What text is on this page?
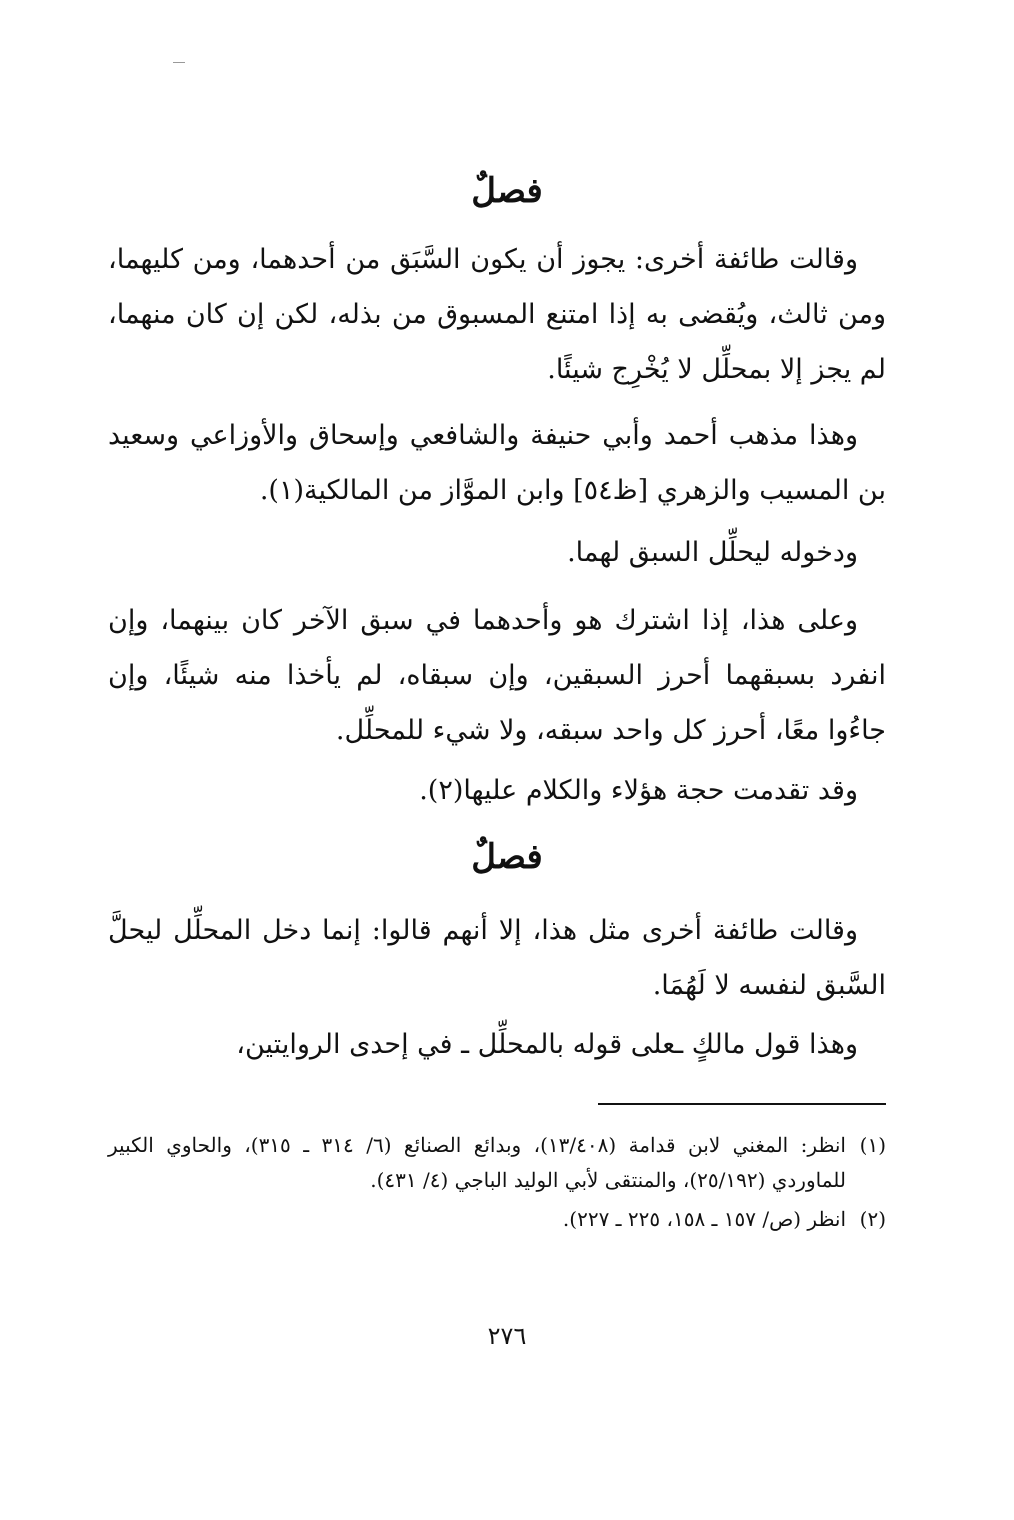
فصلٌ

وقالت طائفة أخرى: يجوز أن يكون السَّبَق من أحدهما، ومن كليهما، ومن ثالث، ويُقضى به إذا امتنع المسبوق من بذله، لكن إن كان منهما، لم يجز إلا بمحلِّل لا يُخْرِج شيئًا.

وهذا مذهب أحمد وأبي حنيفة والشافعي وإسحاق والأوزاعي وسعيد بن المسيب والزهري [ظ٥٤] وابن الموَّاز من المالكية(١).

ودخوله ليحلِّل السبق لهما.

وعلى هذا، إذا اشترك هو وأحدهما في سبق الآخر كان بينهما، وإن انفرد بسبقهما أحرز السبقين، وإن سبقاه، لم يأخذا منه شيئًا، وإن جاءُوا معًا، أحرز كل واحد سبقه، ولا شيء للمحلِّل.

وقد تقدمت حجة هؤلاء والكلام عليها(٢).

فصلٌ

وقالت طائفة أخرى مثل هذا، إلا أنهم قالوا: إنما دخل المحلِّل ليحلَّ السَّبق لنفسه لا لَهُمَا.

وهذا قول مالكٍ ـعلى قوله بالمحلِّل ـ في إحدى الروايتين،

(١)
انظر: المغني لابن قدامة (١٣/٤٠٨)، وبدائع الصنائع (٦/ ٣١٤ ـ ٣١٥)، والحاوي الكبير للماوردي (٢٥/١٩٢)، والمنتقى لأبي الوليد الباجي (٤/ ٤٣١).
(٢)
انظر (ص/ ١٥٧ ـ ١٥٨، ٢٢٥ ـ ٢٢٧).
٢٧٦
